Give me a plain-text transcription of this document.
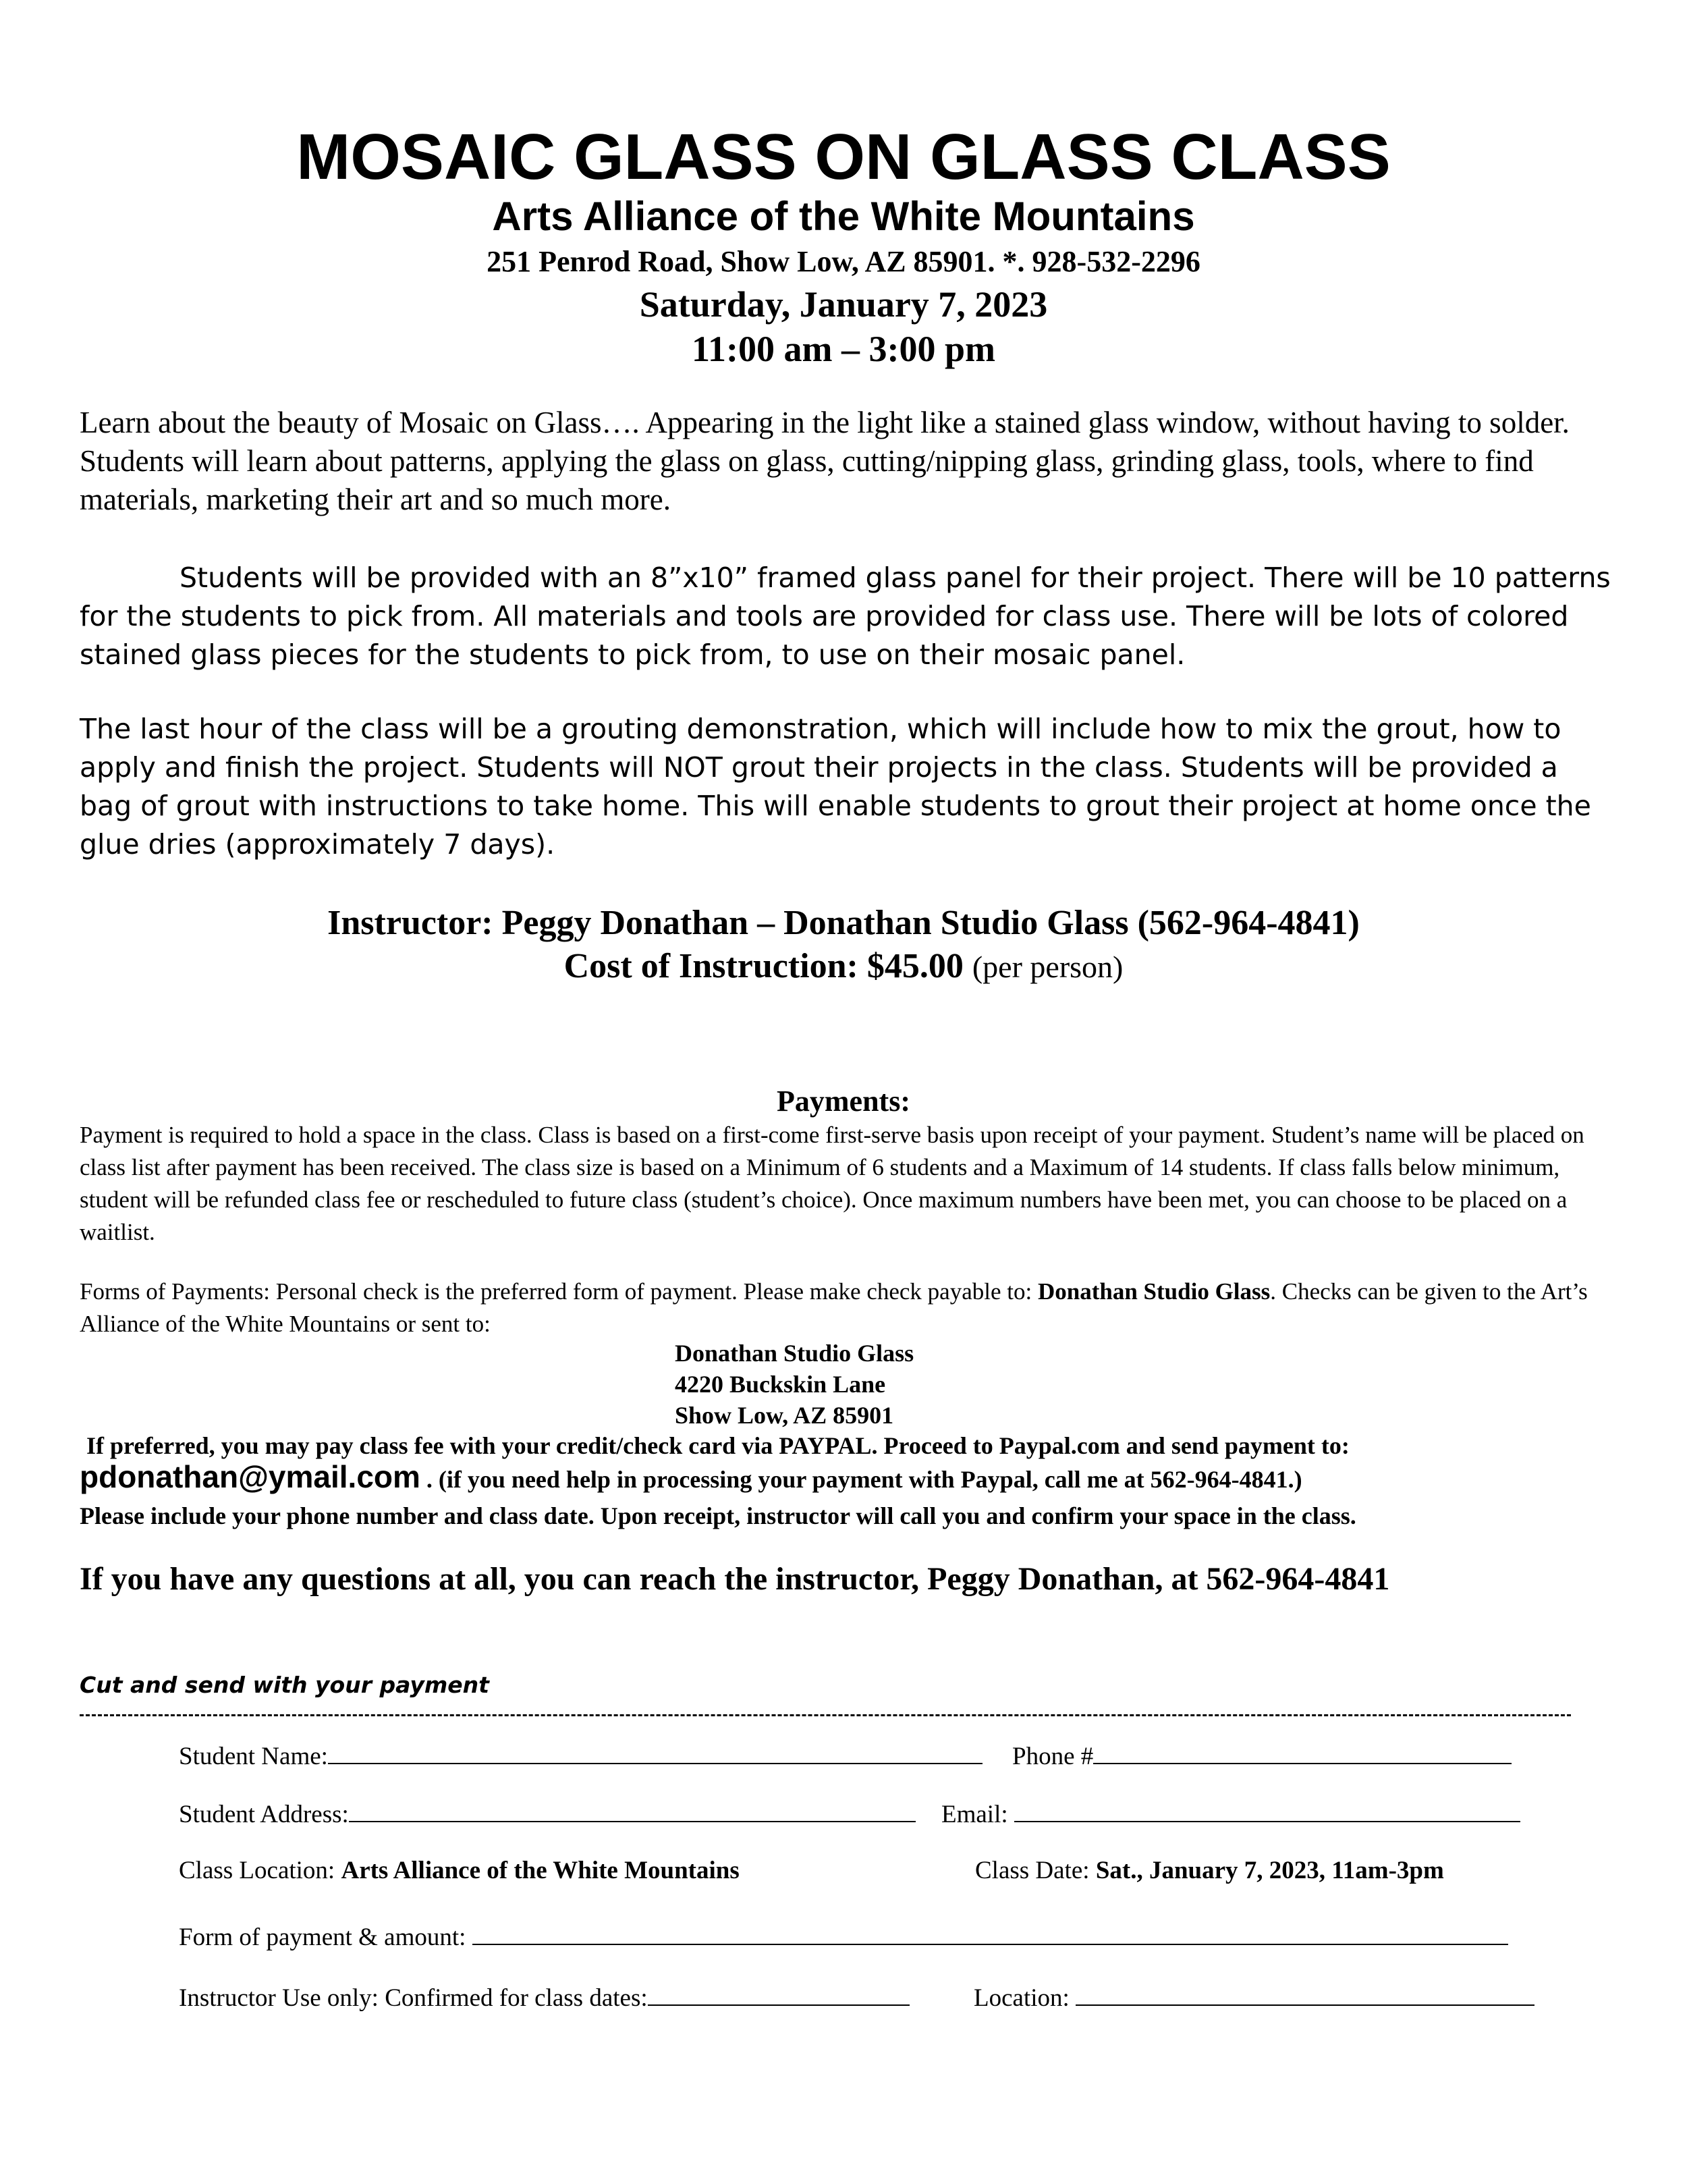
MOSAIC GLASS ON GLASS CLASS
Arts Alliance of the White Mountains
251 Penrod Road, Show Low, AZ 85901. *. 928-532-2296
Saturday, January 7, 2023
11:00 am – 3:00 pm

Learn about the beauty of Mosaic on Glass…. Appearing in the light like a stained glass window, without having to solder. Students will learn about patterns, applying the glass on glass, cutting/nipping glass, grinding glass, tools, where to find materials, marketing their art and so much more.

Students will be provided with an 8”x10” framed glass panel for their project. There will be 10 patterns for the students to pick from. All materials and tools are provided for class use. There will be lots of colored stained glass pieces for the students to pick from, to use on their mosaic panel.

The last hour of the class will be a grouting demonstration, which will include how to mix the grout, how to apply and finish the project. Students will NOT grout their projects in the class. Students will be provided a bag of grout with instructions to take home. This will enable students to grout their project at home once the glue dries (approximately 7 days).

Instructor: Peggy Donathan – Donathan Studio Glass (562-964-4841)
Cost of Instruction: $45.00 (per person)
Payments:

Payment is required to hold a space in the class. Class is based on a first-come first-serve basis upon receipt of your payment. Student’s name will be placed on class list after payment has been received. The class size is based on a Minimum of 6 students and a Maximum of 14 students. If class falls below minimum, student will be refunded class fee or rescheduled to future class (student’s choice). Once maximum numbers have been met, you can choose to be placed on a waitlist.

Forms of Payments: Personal check is the preferred form of payment. Please make check payable to: Donathan Studio Glass. Checks can be given to the Art’s Alliance of the White Mountains or sent to:

Donathan Studio Glass
4220 Buckskin Lane
Show Low, AZ 85901
If preferred, you may pay class fee with your credit/check card via PAYPAL. Proceed to Paypal.com and send payment to:
pdonathan@ymail.com . (if you need help in processing your payment with Paypal, call me at 562-964-4841.)
Please include your phone number and class date. Upon receipt, instructor will call you and confirm your space in the class.
If you have any questions at all, you can reach the instructor, Peggy Donathan, at 562-964-4841
Cut and send with your payment
Student Name:	Phone #
Student Address:	Email:
Class Location: Arts Alliance of the White Mountains	Class Date: Sat., January 7, 2023, 11am-3pm
Form of payment & amount:
Instructor Use only: Confirmed for class dates:	Location:
